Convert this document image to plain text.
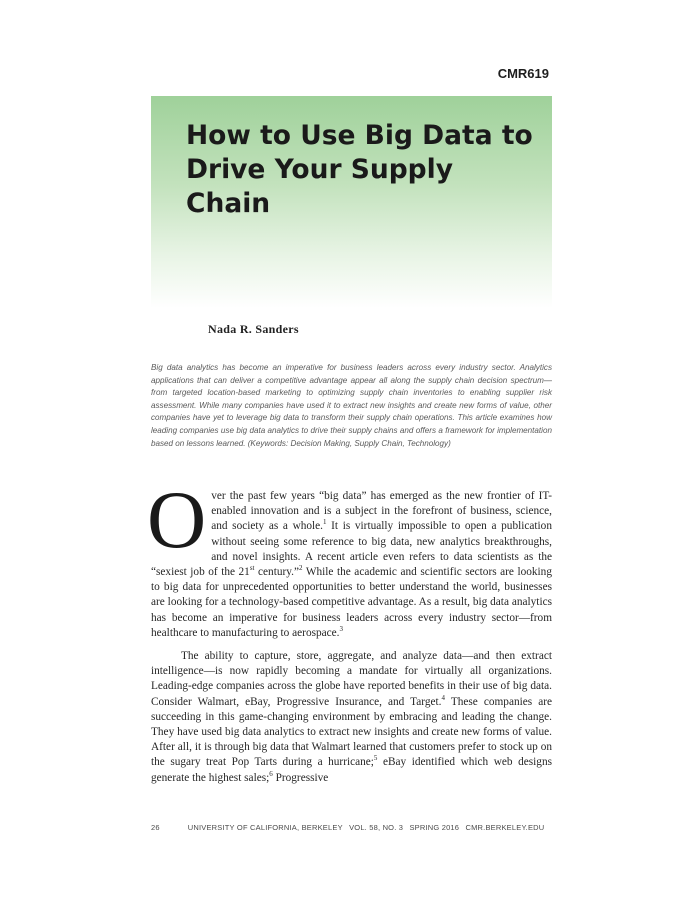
CMR619
How to Use Big Data to
Drive Your Supply Chain
Nada R. Sanders

Big data analytics has become an imperative for business leaders across every industry sector. Analytics applications that can deliver a competitive advantage appear all along the supply chain decision spectrum—from targeted location-based marketing to optimizing supply chain inventories to enabling supplier risk assessment. While many companies have used it to extract new insights and create new forms of value, other companies have yet to leverage big data to transform their supply chain operations. This article examines how leading companies use big data analytics to drive their supply chains and offers a framework for implementation based on lessons learned. (Keywords: Decision Making, Supply Chain, Technology)

Over the past few years “big data” has emerged as the new frontier of IT-enabled innovation and is a subject in the forefront of business, science, and society as a whole.$^1$ It is virtually impossible to open a publication without seeing some reference to big data, new analytics breakthroughs, and novel insights. A recent article even refers to data scientists as the “sexiest job of the 21st century.”$^2$ While the academic and scientific sectors are looking to big data for unprecedented opportunities to better understand the world, businesses are looking for a technology-based competitive advantage. As a result, big data analytics has become an imperative for business leaders across every industry sector—from healthcare to manufacturing to aerospace.$^3$

The ability to capture, store, aggregate, and analyze data—and then extract intelligence—is now rapidly becoming a mandate for virtually all organizations. Leading-edge companies across the globe have reported benefits in their use of big data. Consider Walmart, eBay, Progressive Insurance, and Target.$^4$ These companies are succeeding in this game-changing environment by embracing and leading the change. They have used big data analytics to extract new insights and create new forms of value. After all, it is through big data that Walmart learned that customers prefer to stock up on the sugary treat Pop Tarts during a hurricane;$^5$ eBay identified which web designs generate the highest sales;$^6$ Progressive

26	UNIVERSITY OF CALIFORNIA, BERKELEY VOL. 58, NO. 3 SPRING 2016 CMR.BERKELEY.EDU
